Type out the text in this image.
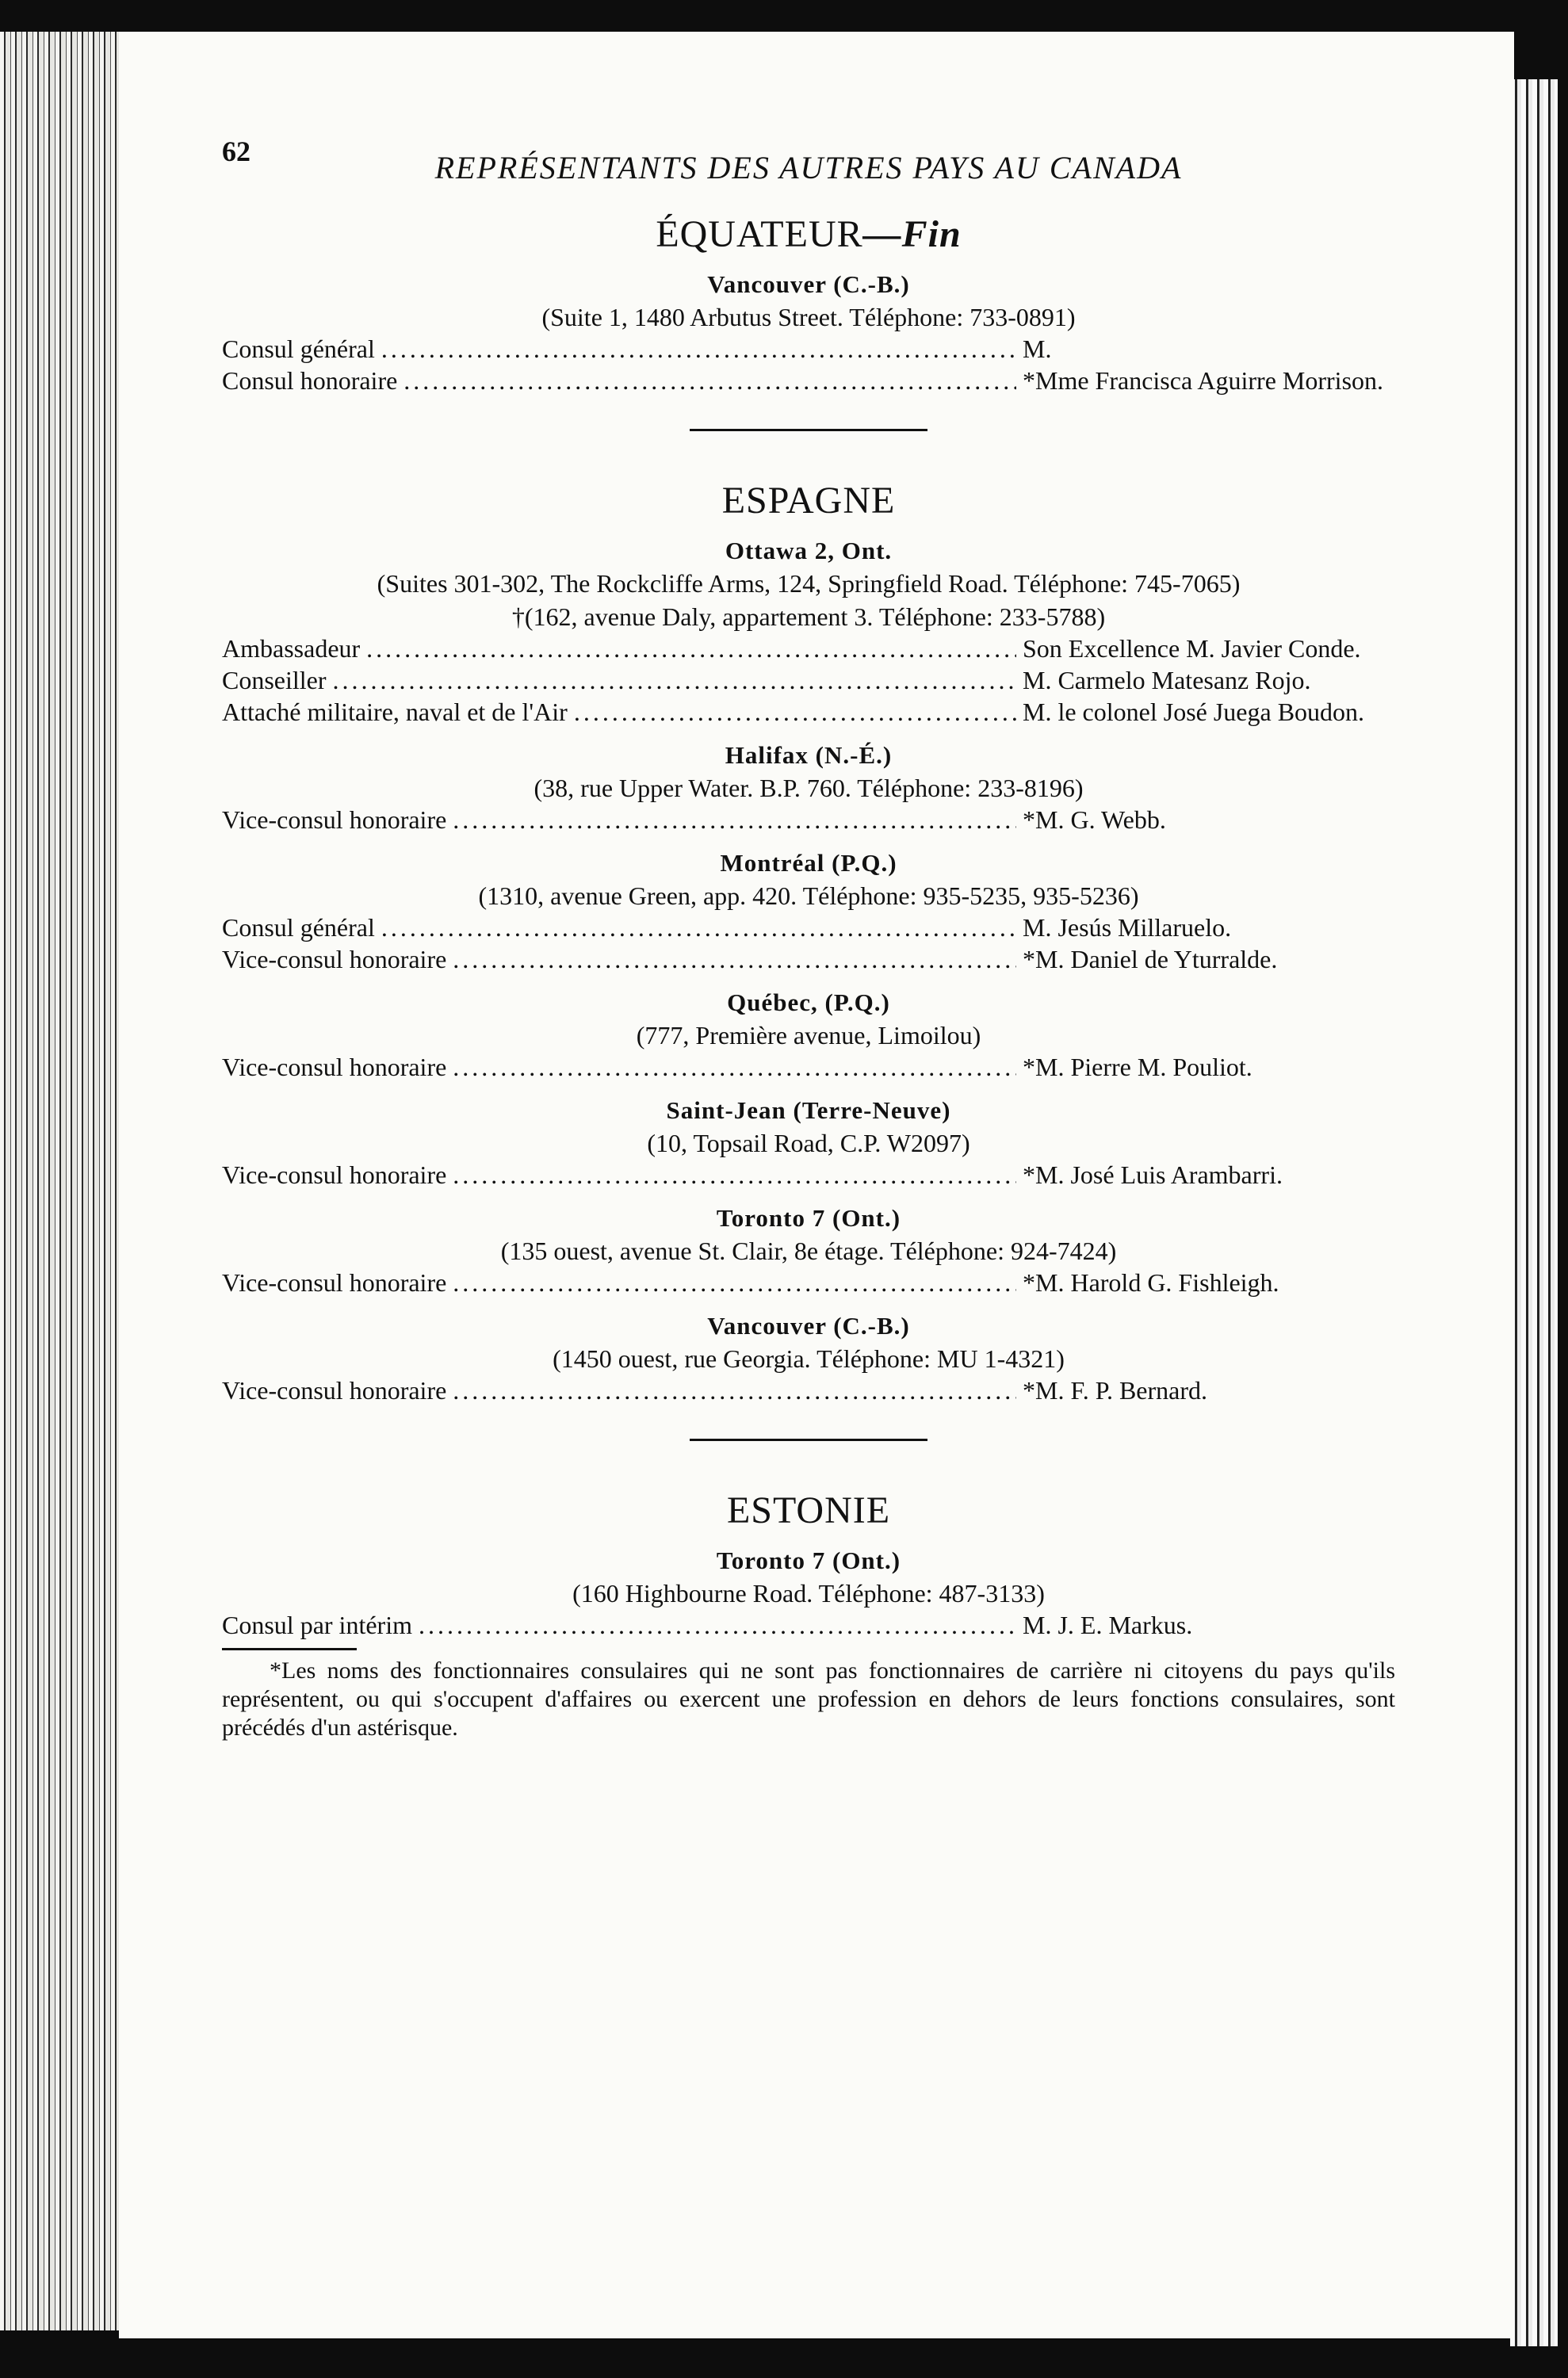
62	REPRÉSENTANTS DES AUTRES PAYS AU CANADA
ÉQUATEUR—Fin
Vancouver (C.-B.)
(Suite 1, 1480 Arbutus Street. Téléphone: 733-0891)
Consul général .....	M.
Consul honoraire .....	*Mme Francisca Aguirre Morrison.
ESPAGNE
Ottawa 2, Ont.
(Suites 301-302, The Rockcliffe Arms, 124, Springfield Road. Téléphone: 745-7065)
†(162, avenue Daly, appartement 3. Téléphone: 233-5788)
Ambassadeur .....	Son Excellence M. Javier Conde.
Conseiller .....	M. Carmelo Matesanz Rojo.
Attaché militaire, naval et de l'Air .....	M. le colonel José Juega Boudon.
Halifax (N.-É.)
(38, rue Upper Water. B.P. 760. Téléphone: 233-8196)
Vice-consul honoraire .....	*M. G. Webb.
Montréal (P.Q.)
(1310, avenue Green, app. 420. Téléphone: 935-5235, 935-5236)
Consul général .....	M. Jesús Millaruelo.
Vice-consul honoraire .....	*M. Daniel de Yturralde.
Québec, (P.Q.)
(777, Première avenue, Limoilou)
Vice-consul honoraire .....	*M. Pierre M. Pouliot.
Saint-Jean (Terre-Neuve)
(10, Topsail Road, C.P. W2097)
Vice-consul honoraire .....	*M. José Luis Arambarri.
Toronto 7 (Ont.)
(135 ouest, avenue St. Clair, 8e étage. Téléphone: 924-7424)
Vice-consul honoraire .....	*M. Harold G. Fishleigh.
Vancouver (C.-B.)
(1450 ouest, rue Georgia. Téléphone: MU 1-4321)
Vice-consul honoraire .....	*M. F. P. Bernard.
ESTONIE
Toronto 7 (Ont.)
(160 Highbourne Road. Téléphone: 487-3133)
Consul par intérim .....	M. J. E. Markus.
*Les noms des fonctionnaires consulaires qui ne sont pas fonctionnaires de carrière ni citoyens du pays qu'ils représentent, ou qui s'occupent d'affaires ou exercent une profession en dehors de leurs fonctions consulaires, sont précédés d'un astérisque.
